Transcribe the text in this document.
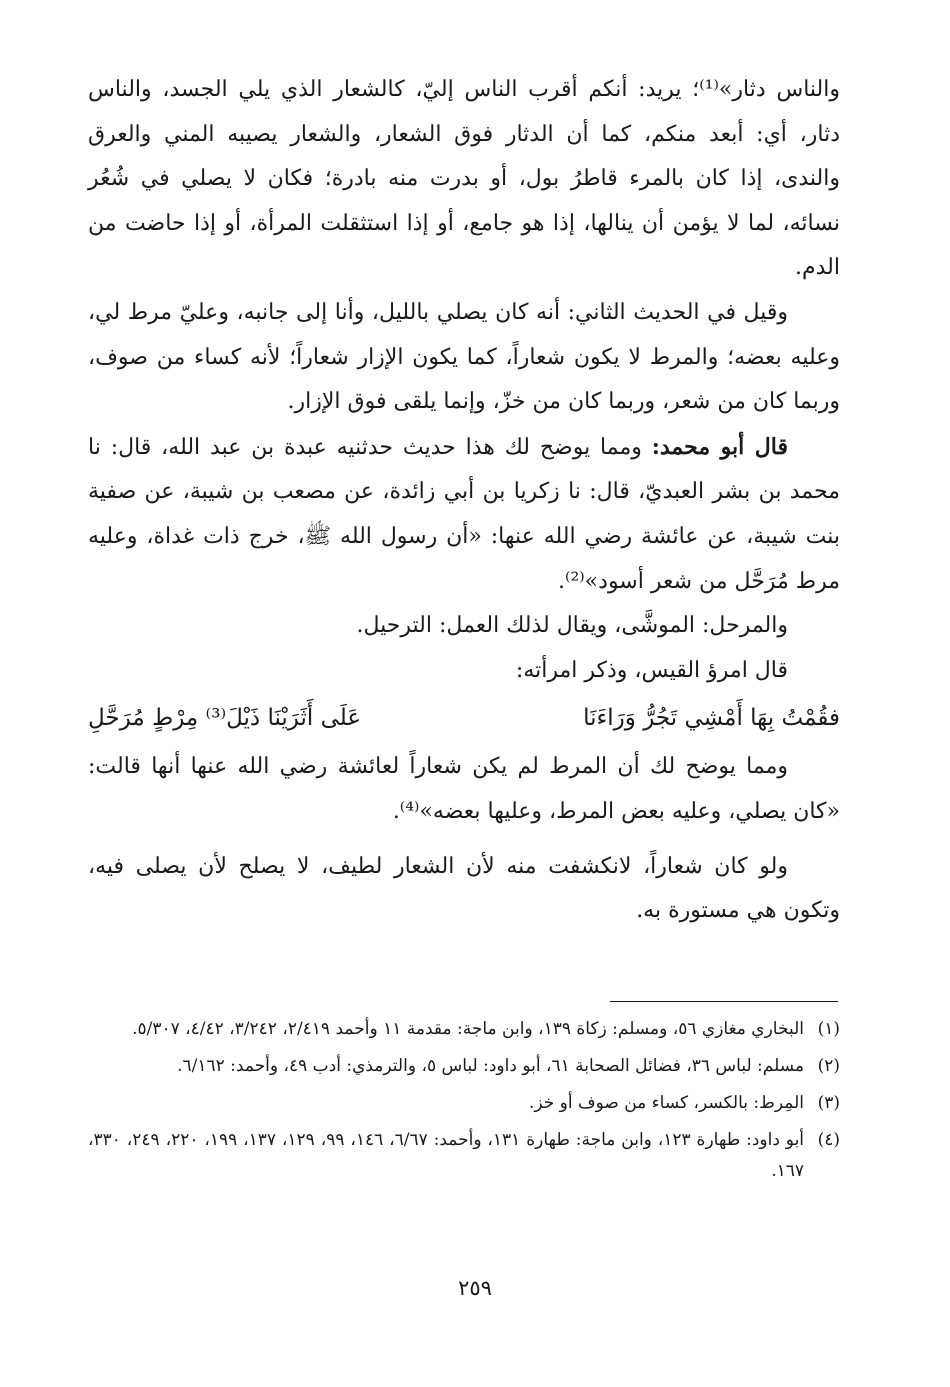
والناس دثار»⁽¹⁾؛ يريد: أنكم أقرب الناس إليّ، كالشعار الذي يلي الجسد، والناس دثار، أي: أبعد منكم، كما أن الدثار فوق الشعار، والشعار يصيبه المني والعرق والندى، إذا كان بالمرء قاطرُ بول، أو بدرت منه بادرة؛ فكان لا يصلي في شُعُر نسائه، لما لا يؤمن أن ينالها، إذا هو جامع، أو إذا استثقلت المرأة، أو إذا حاضت من الدم.

وقيل في الحديث الثاني: أنه كان يصلي بالليل، وأنا إلى جانبه، وعليّ مرط لي، وعليه بعضه؛ والمرط لا يكون شعاراً، كما يكون الإزار شعاراً؛ لأنه كساء من صوف، وربما كان من شعر، وربما كان من خزّ، وإنما يلقى فوق الإزار.

قال أبو محمد: ومما يوضح لك هذا حديث حدثنيه عبدة بن عبد الله، قال: نا محمد بن بشر العبديّ، قال: نا زكريا بن أبي زائدة، عن مصعب بن شيبة، عن صفية بنت شيبة، عن عائشة رضي الله عنها: «أن رسول الله ﷺ، خرج ذات غداة، وعليه مرط مُرَحَّل من شعر أسود»⁽²⁾.

والمرحل: الموشَّى، ويقال لذلك العمل: الترحيل.

قال امرؤ القيس، وذكر امرأته:

فقُمْتُ بِهَا أَمْشِي تَجُرُّ وَرَاءَنَا
عَلَى أَثَرَيْنَا ذَيْلَ⁽³⁾ مِرْطٍ مُرَحَّلِ

ومما يوضح لك أن المرط لم يكن شعاراً لعائشة رضي الله عنها أنها قالت: «كان يصلي، وعليه بعض المرط، وعليها بعضه»⁽⁴⁾.

ولو كان شعاراً، لانكشفت منه لأن الشعار لطيف، لا يصلح لأن يصلى فيه، وتكون هي مستورة به.

(١)
البخاري مغازي ٥٦، ومسلم: زكاة ١٣٩، وابن ماجة: مقدمة ١١ وأحمد ٢/٤١٩، ٣/٢٤٢، ٤/٤٢، ٥/٣٠٧.
(٢)
مسلم: لباس ٣٦، فضائل الصحابة ٦١، أبو داود: لباس ٥، والترمذي: أدب ٤٩، وأحمد: ٦/١٦٢.
(٣)
المِرط: بالكسر، كساء من صوف أو خز.
(٤)
أبو داود: طهارة ١٢٣، وابن ماجة: طهارة ١٣١، وأحمد: ٦/٦٧، ١٤٦، ٩٩، ١٢٩، ١٣٧، ١٩٩، ٢٢٠، ٢٤٩، ٣٣٠، ١٦٧.
٢٥٩
